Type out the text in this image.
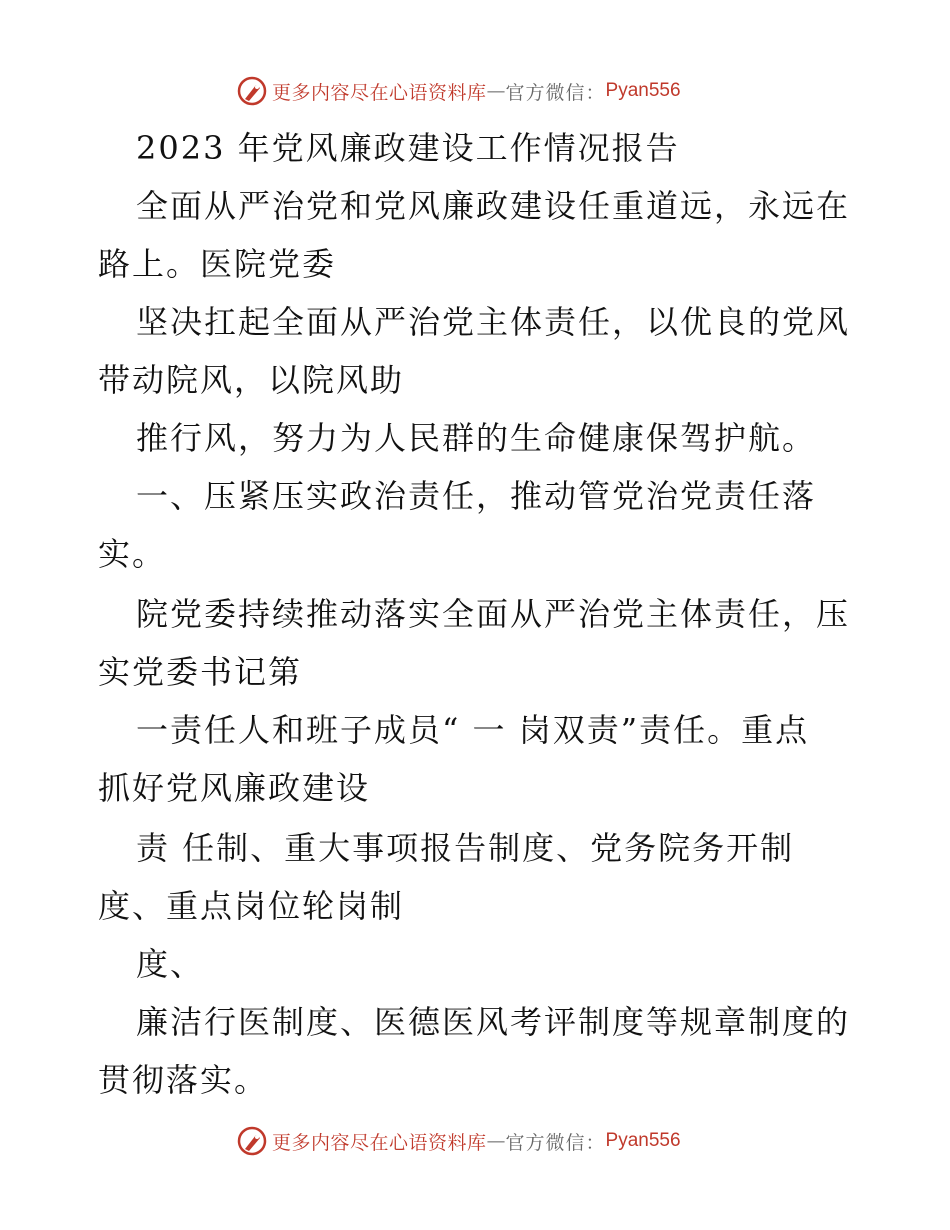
更多内容尽在心语资料库 — 官方微信： Pyan556
2023 年党风廉政建设工作情况报告
全面从严治党和党风廉政建设任重道远，永远在
路上。医院党委
坚决扛起全面从严治党主体责任，以优良的党风
带动院风，以院风助
推行风，努力为人民群的生命健康保驾护航。
一、压紧压实政治责任，推动管党治党责任落
实。
院党委持续推动落实全面从严治党主体责任，压
实党委书记第
一责任人和班子成员“ 一 岗双责”责任。重点
抓好党风廉政建设
责 任制、重大事项报告制度、党务院务开制
度、重点岗位轮岗制
度、
廉洁行医制度、医德医风考评制度等规章制度的
贯彻落实。
更多内容尽在心语资料库 — 官方微信： Pyan556
